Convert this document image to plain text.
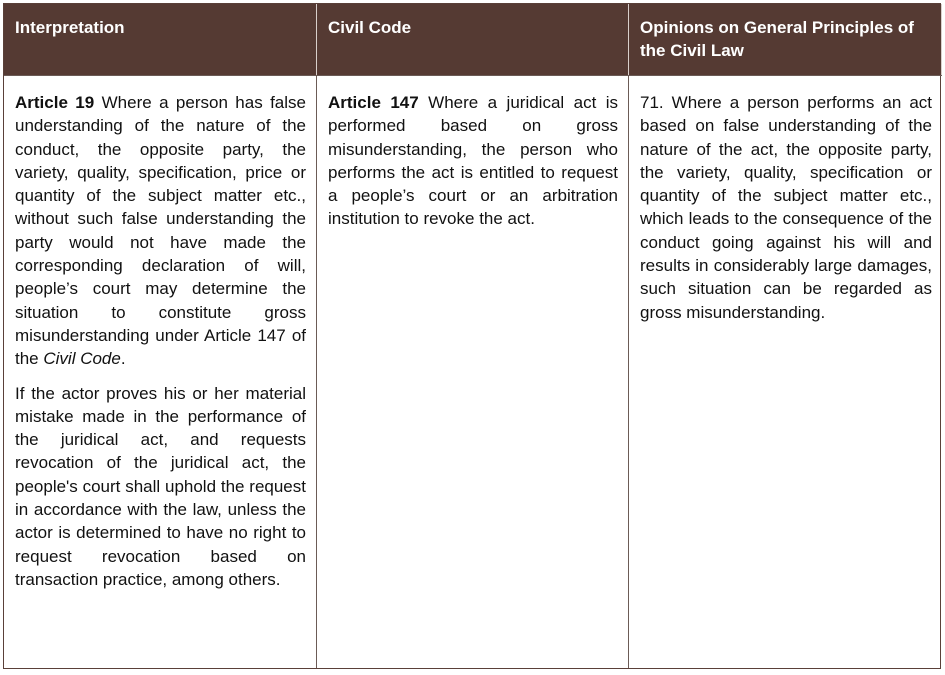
Interpretation	Civil Code	Opinions on General Principles of the Civil Law

Article 19 Where a person has false understanding of the nature of the conduct, the opposite party, the variety, quality, specification, price or quantity of the subject matter etc., without such false understanding the party would not have made the corresponding declaration of will, people’s court may determine the situation to constitute gross misunderstanding under Article 147 of the Civil Code.

If the actor proves his or her material mistake made in the performance of the juridical act, and requests revocation of the juridical act, the people's court shall uphold the request in accordance with the law, unless the actor is determined to have no right to request revocation based on transaction practice, among others.

Article 147 Where a juridical act is performed based on gross misunderstanding, the person who performs the act is entitled to request a people’s court or an arbitration institution to revoke the act.

71. Where a person performs an act based on false understanding of the nature of the act, the opposite party, the variety, quality, specification or quantity of the subject matter etc., which leads to the consequence of the conduct going against his will and results in considerably large damages, such situation can be regarded as gross misunderstanding.
